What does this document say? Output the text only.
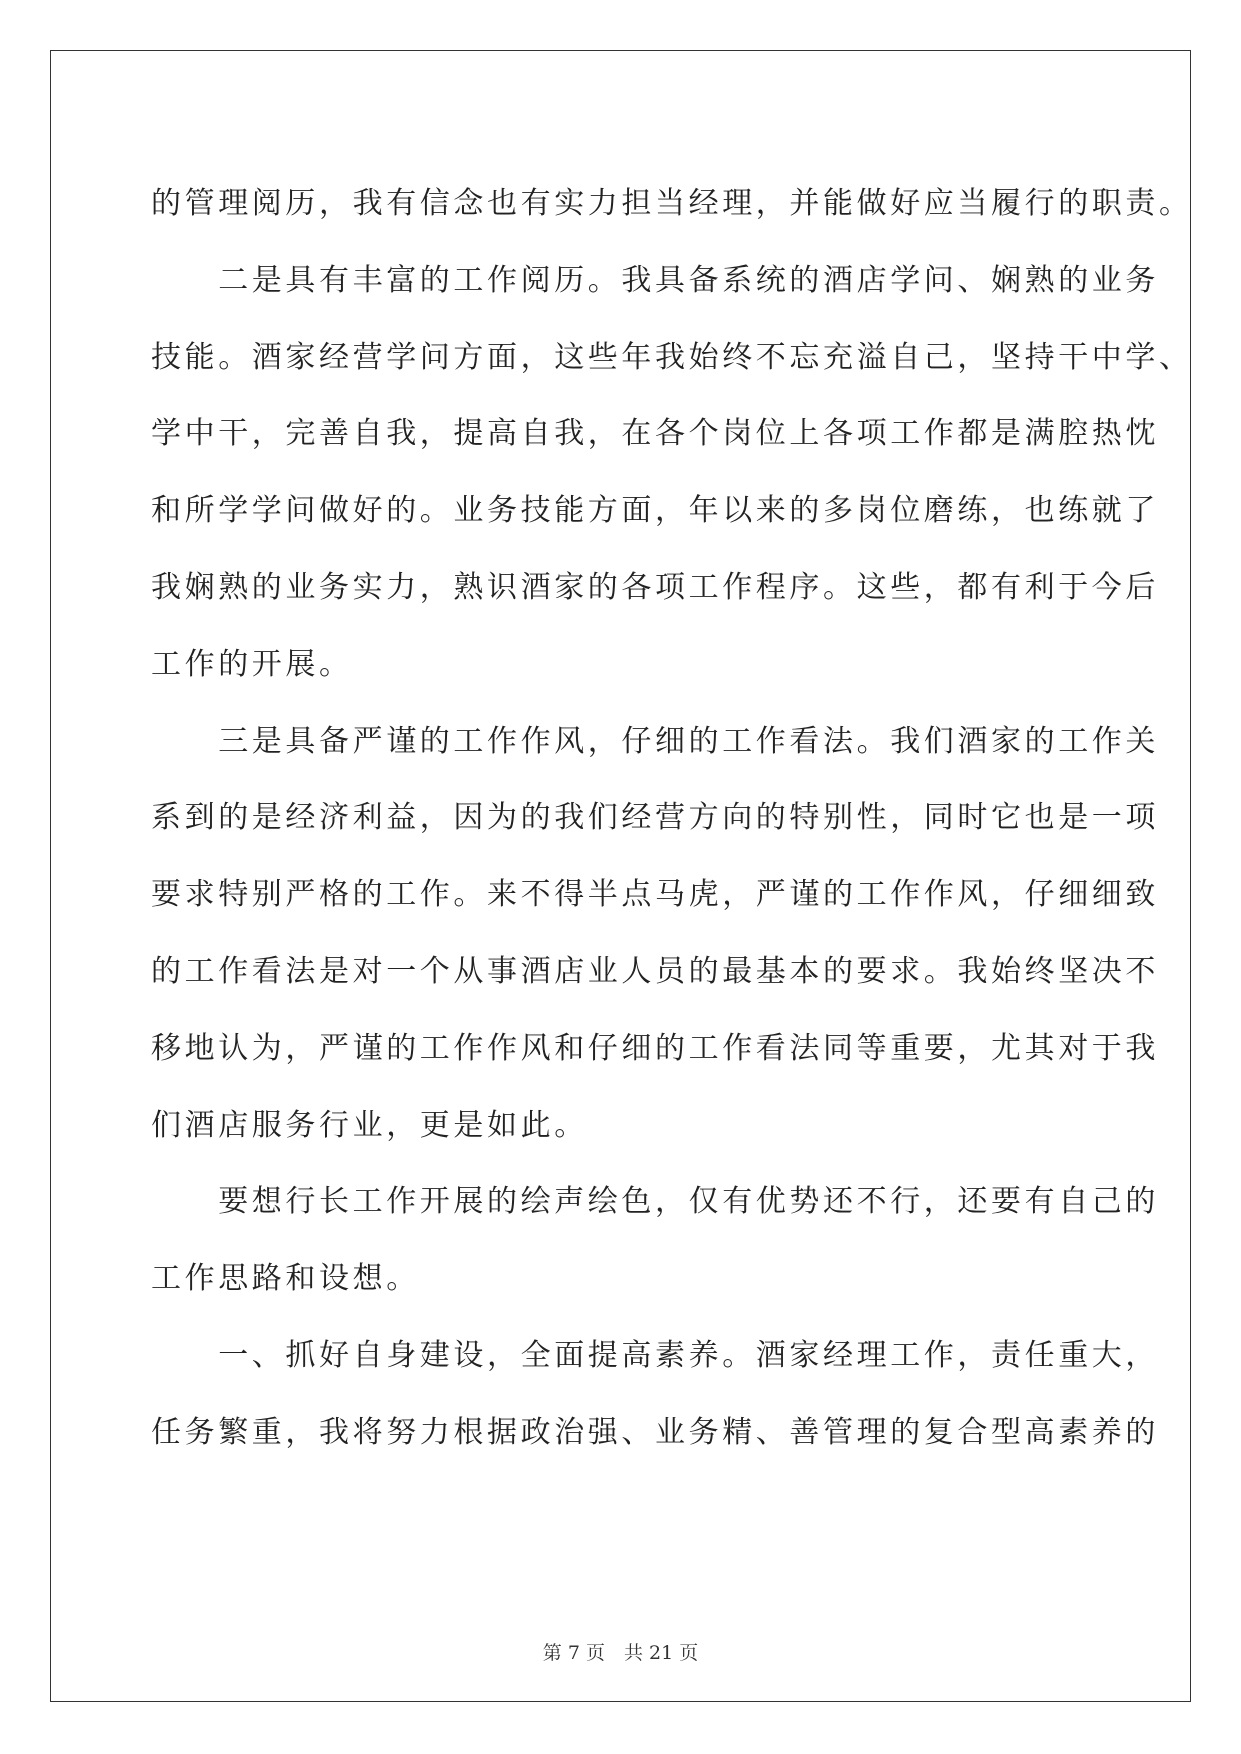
的管理阅历，我有信念也有实力担当经理，并能做好应当履行的职责。
　　二是具有丰富的工作阅历。我具备系统的酒店学问、娴熟的业务
技能。酒家经营学问方面，这些年我始终不忘充溢自己，坚持干中学、
学中干，完善自我，提高自我，在各个岗位上各项工作都是满腔热忱
和所学学问做好的。业务技能方面，年以来的多岗位磨练，也练就了
我娴熟的业务实力，熟识酒家的各项工作程序。这些，都有利于今后
工作的开展。
　　三是具备严谨的工作作风，仔细的工作看法。我们酒家的工作关
系到的是经济利益，因为的我们经营方向的特别性，同时它也是一项
要求特别严格的工作。来不得半点马虎，严谨的工作作风，仔细细致
的工作看法是对一个从事酒店业人员的最基本的要求。我始终坚决不
移地认为，严谨的工作作风和仔细的工作看法同等重要，尤其对于我
们酒店服务行业，更是如此。
　　要想行长工作开展的绘声绘色，仅有优势还不行，还要有自己的
工作思路和设想。
　　一、抓好自身建设，全面提高素养。酒家经理工作，责任重大，
任务繁重，我将努力根据政治强、业务精、善管理的复合型高素养的
第 7 页　共 21 页
